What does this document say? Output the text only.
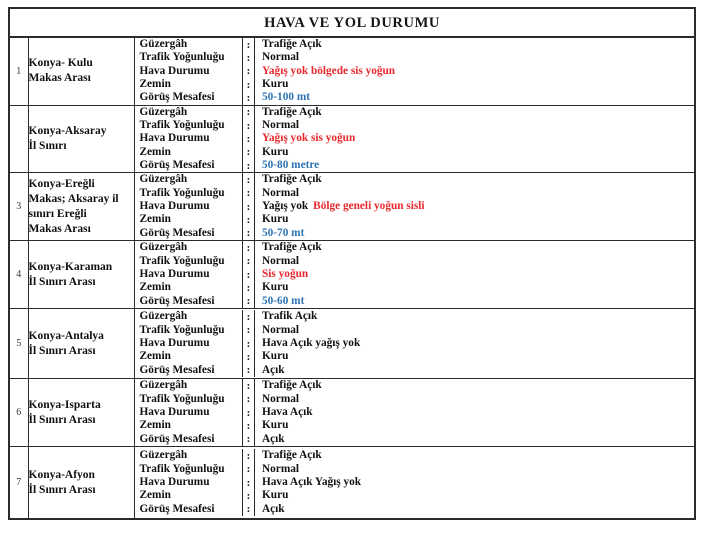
HAVA VE YOL DURUMU
1	
Konya- Kulu
Makas Arası

Güzergâh	:	Trafiğe Açık
Trafik Yoğunluğu	:	Normal
Hava Durumu	:	Yağış yok bölgede sis yoğun
Zemin	:	Kuru
Görüş Mesafesi	:	50-100 mt

Konya-Aksaray
İl Sınırı

Güzergâh	:	Trafiğe Açık
Trafik Yoğunluğu	:	Normal
Hava Durumu	:	Yağış yok sis yoğun
Zemin	:	Kuru
Görüş Mesafesi	:	50-80 metre

3	
Konya-Ereğli
Makas; Aksaray il
sınırı Ereğli
Makas Arası

Güzergâh	:	Trafiğe Açık
Trafik Yoğunluğu	:	Normal
Hava Durumu	:	Yağış yok Bölge geneli yoğun sisli
Zemin	:	Kuru
Görüş Mesafesi	:	50-70 mt

4	
Konya-Karaman
İl Sınırı Arası

Güzergâh	:	Trafiğe Açık
Trafik Yoğunluğu	:	Normal
Hava Durumu	:	Sis yoğun
Zemin	:	Kuru
Görüş Mesafesi	:	50-60 mt

5	
Konya-Antalya
İl Sınırı Arası

Güzergâh	:	Trafik Açık
Trafik Yoğunluğu	:	Normal
Hava Durumu	:	Hava Açık yağış yok
Zemin	:	Kuru
Görüş Mesafesi	:	Açık

6	
Konya-Isparta
İl Sınırı Arası

Güzergâh	:	Trafiğe Açık
Trafik Yoğunluğu	:	Normal
Hava Durumu	:	Hava Açık
Zemin	:	Kuru
Görüş Mesafesi	:	Açık

7	
Konya-Afyon
İl Sınırı Arası

Güzergâh	:	Trafiğe Açık
Trafik Yoğunluğu	:	Normal
Hava Durumu	:	Hava Açık Yağış yok
Zemin	:	Kuru
Görüş Mesafesi	:	Açık
